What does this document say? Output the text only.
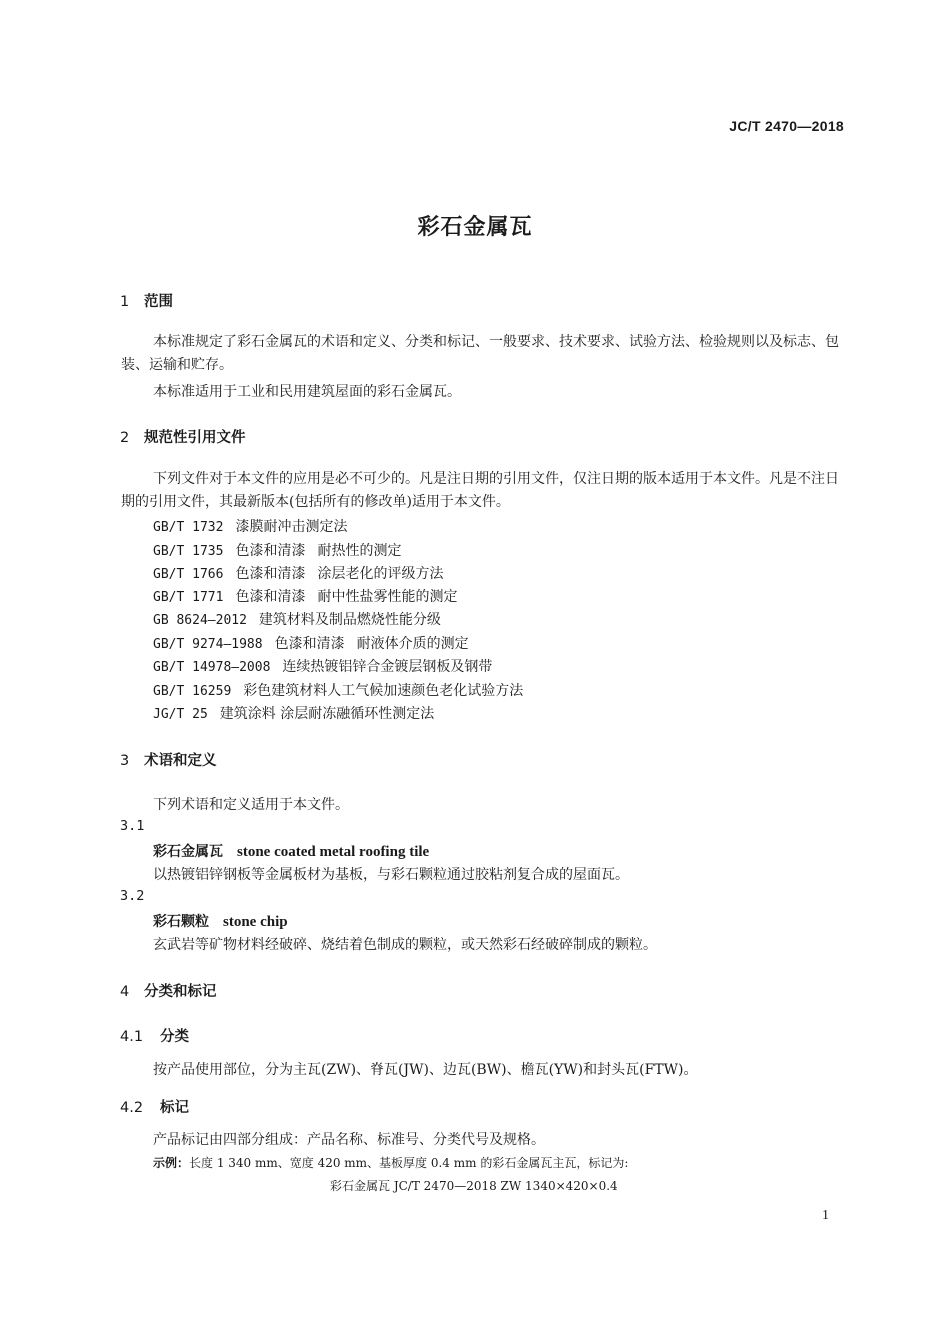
JC/T 2470—2018
彩石金属瓦
1 范围
本标准规定了彩石金属瓦的术语和定义、分类和标记、一般要求、技术要求、试验方法、检验规则以及标志、包装、运输和贮存。
本标准适用于工业和民用建筑屋面的彩石金属瓦。
2 规范性引用文件
下列文件对于本文件的应用是必不可少的。凡是注日期的引用文件，仅注日期的版本适用于本文件。凡是不注日期的引用文件，其最新版本(包括所有的修改单)适用于本文件。
GB/T 1732 漆膜耐冲击测定法
GB/T 1735 色漆和清漆 耐热性的测定
GB/T 1766 色漆和清漆 涂层老化的评级方法
GB/T 1771 色漆和清漆 耐中性盐雾性能的测定
GB 8624—2012 建筑材料及制品燃烧性能分级
GB/T 9274—1988 色漆和清漆 耐液体介质的测定
GB/T 14978—2008 连续热镀铝锌合金镀层钢板及钢带
GB/T 16259 彩色建筑材料人工气候加速颜色老化试验方法
JG/T 25 建筑涂料 涂层耐冻融循环性测定法
3 术语和定义
下列术语和定义适用于本文件。
3.1
彩石金属瓦 stone coated metal roofing tile
以热镀铝锌钢板等金属板材为基板，与彩石颗粒通过胶粘剂复合成的屋面瓦。
3.2
彩石颗粒 stone chip
玄武岩等矿物材料经破碎、烧结着色制成的颗粒，或天然彩石经破碎制成的颗粒。
4 分类和标记
4.1 分类
按产品使用部位，分为主瓦(ZW)、脊瓦(JW)、边瓦(BW)、檐瓦(YW)和封头瓦(FTW)。
4.2 标记
产品标记由四部分组成：产品名称、标准号、分类代号及规格。
示例：长度 1 340 mm、宽度 420 mm、基板厚度 0.4 mm 的彩石金属瓦主瓦，标记为:
彩石金属瓦 JC/T 2470—2018 ZW 1340×420×0.4
1
